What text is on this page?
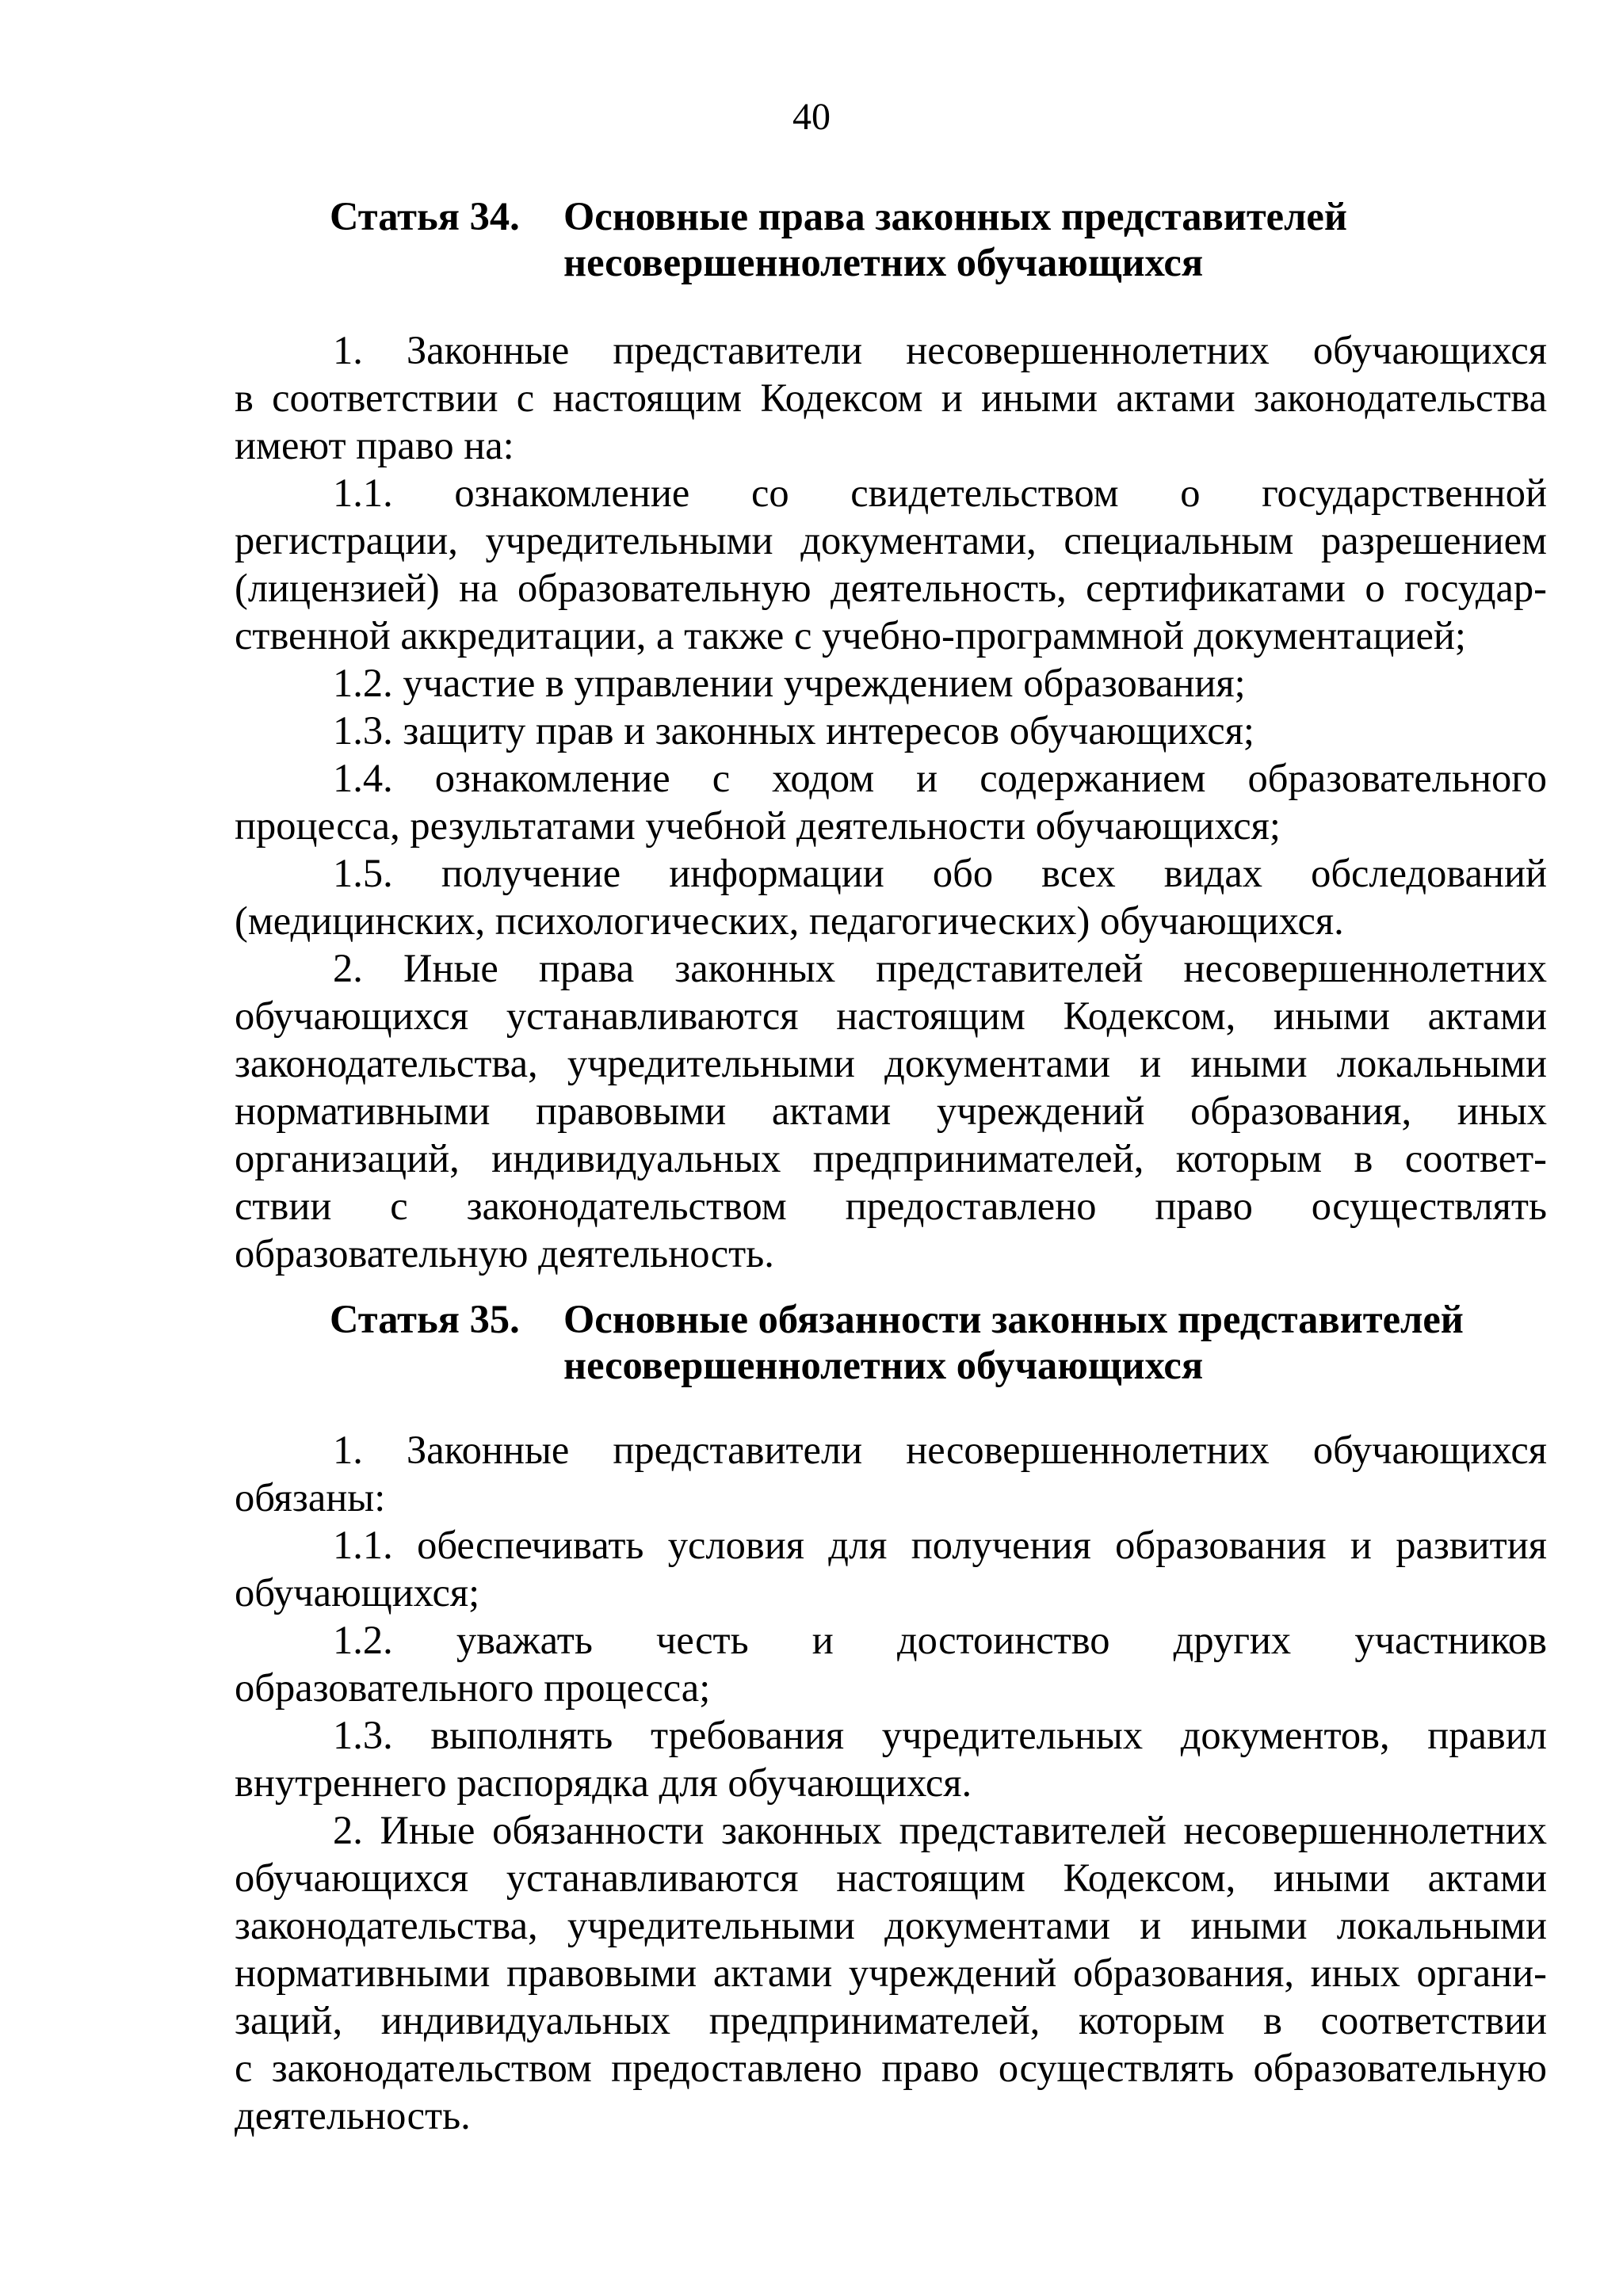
40
Статья 34. Основные права законных представителей
несовершеннолетних обучающихся
1. Законные представители несовершеннолетних обучающихся
в соответствии с настоящим Кодексом и иными актами законодательства
имеют право на:
1.1. ознакомление со свидетельством о государственной
регистрации, учредительными документами, специальным разрешением
(лицензией) на образовательную деятельность, сертификатами о государ-
ственной аккредитации, а также с учебно-программной документацией;
1.2. участие в управлении учреждением образования;
1.3. защиту прав и законных интересов обучающихся;
1.4. ознакомление с ходом и содержанием образовательного
процесса, результатами учебной деятельности обучающихся;
1.5. получение информации обо всех видах обследований
(медицинских, психологических, педагогических) обучающихся.
2. Иные права законных представителей несовершеннолетних
обучающихся устанавливаются настоящим Кодексом, иными актами
законодательства, учредительными документами и иными локальными
нормативными правовыми актами учреждений образования, иных
организаций, индивидуальных предпринимателей, которым в соответ-
ствии с законодательством предоставлено право осуществлять
образовательную деятельность.
Статья 35. Основные обязанности законных представителей
несовершеннолетних обучающихся
1. Законные представители несовершеннолетних обучающихся
обязаны:
1.1. обеспечивать условия для получения образования и развития
обучающихся;
1.2. уважать честь и достоинство других участников
образовательного процесса;
1.3. выполнять требования учредительных документов, правил
внутреннего распорядка для обучающихся.
2. Иные обязанности законных представителей несовершеннолетних
обучающихся устанавливаются настоящим Кодексом, иными актами
законодательства, учредительными документами и иными локальными
нормативными правовыми актами учреждений образования, иных органи-
заций, индивидуальных предпринимателей, которым в соответствии
с законодательством предоставлено право осуществлять образовательную
деятельность.
